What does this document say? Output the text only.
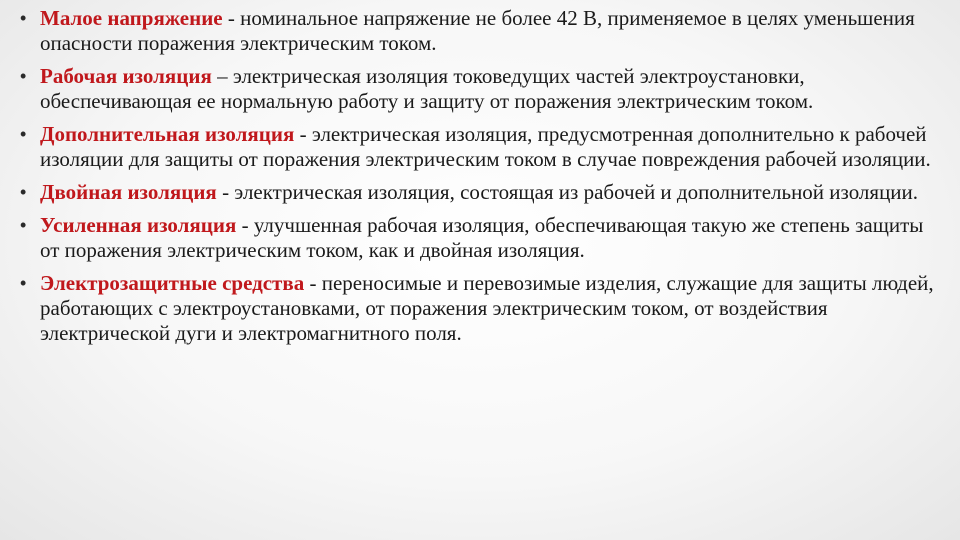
• Малое напряжение - номинальное напряжение не более 42 В, применяемое в целях уменьшения опасности поражения электрическим током.
• Рабочая изоляция – электрическая изоляция токоведущих частей электроустановки, обеспечивающая ее нормальную работу и защиту от поражения электрическим током.
• Дополнительная изоляция - электрическая изоляция, предусмотренная дополнительно к рабочей изоляции для защиты от поражения электрическим током в случае повреждения рабочей изоляции.
• Двойная изоляция - электрическая изоляция, состоящая из рабочей и дополнительной изоляции.
• Усиленная изоляция - улучшенная рабочая изоляция, обеспечивающая такую же степень защиты от поражения электрическим током, как и двойная изоляция.
• Электрозащитные средства - переносимые и перевозимые изделия, служащие для защиты людей, работающих с электроустановками, от поражения электрическим током, от воздействия электрической дуги и электромагнитного поля.
